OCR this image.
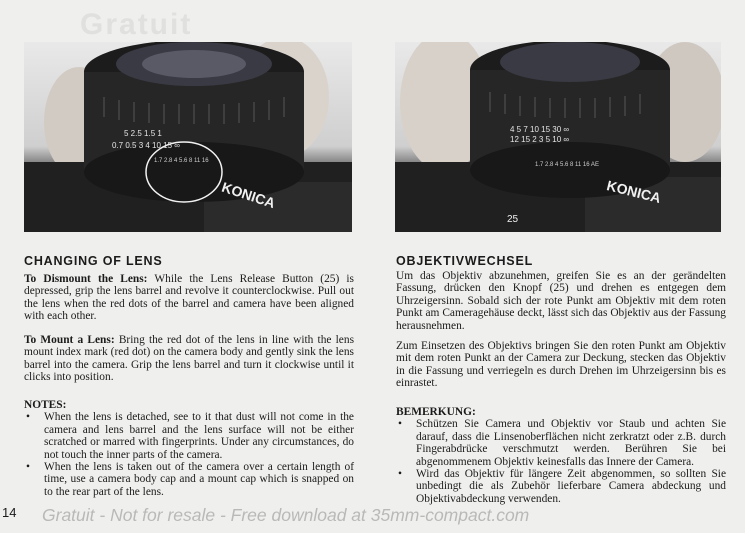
Gratuit
5 2.5 1.5 1
0.7 0.5 3 4 10 15 ∞
1.7 2.8 4 5.6 8 11 16
KONICA
4 5 7 10 15 30 ∞
12 15 2 3 5 10 ∞
1.7 2.8 4 5.6 8 11 16 AE
25
KONICA
CHANGING OF LENS

To Dismount the Lens: While the Lens Release Button (25) is depressed, grip the lens barrel and revolve it counterclockwise. Pull out the lens when the red dots of the barrel and camera have been aligned with each other.

To Mount a Lens: Bring the red dot of the lens in line with the lens mount index mark (red dot) on the camera body and gently sink the lens barrel into the camera. Grip the lens barrel and turn it clockwise until it clicks into position.

NOTES:
• When the lens is detached, see to it that dust will not come in the camera and lens barrel and the lens surface will not be either scratched or marred with fingerprints. Under any circumstances, do not touch the inner parts of the camera.
• When the lens is taken out of the camera over a certain length of time, use a camera body cap and a mount cap which is snapped on to the rear part of the lens.
OBJEKTIVWECHSEL

Um das Objektiv abzunehmen, greifen Sie es an der gerändelten Fassung, drücken den Knopf (25) und drehen es entgegen dem Uhrzeigersinn. Sobald sich der rote Punkt am Objektiv mit dem roten Punkt am Cameragehäuse deckt, lässt sich das Objektiv aus der Fassung herausnehmen.

Zum Einsetzen des Objektivs bringen Sie den roten Punkt am Objektiv mit dem roten Punkt an der Camera zur Deckung, stecken das Objektiv in die Fassung und verriegeln es durch Drehen im Uhrzeigersinn bis es einrastet.

BEMERKUNG:
• Schützen Sie Camera und Objektiv vor Staub und achten Sie darauf, dass die Linsenoberflächen nicht zerkratzt oder z.B. durch Fingerabdrücke verschmutzt werden. Berühren Sie bei abgenommenem Objektiv keinesfalls das Innere der Camera.
• Wird das Objektiv für längere Zeit abgenommen, so sollten Sie unbedingt die als Zubehör lieferbare Camera abdeckung und Objektivabdeckung verwenden.
14 Gratuit - Not for resale - Free download at 35mm-compact.com
